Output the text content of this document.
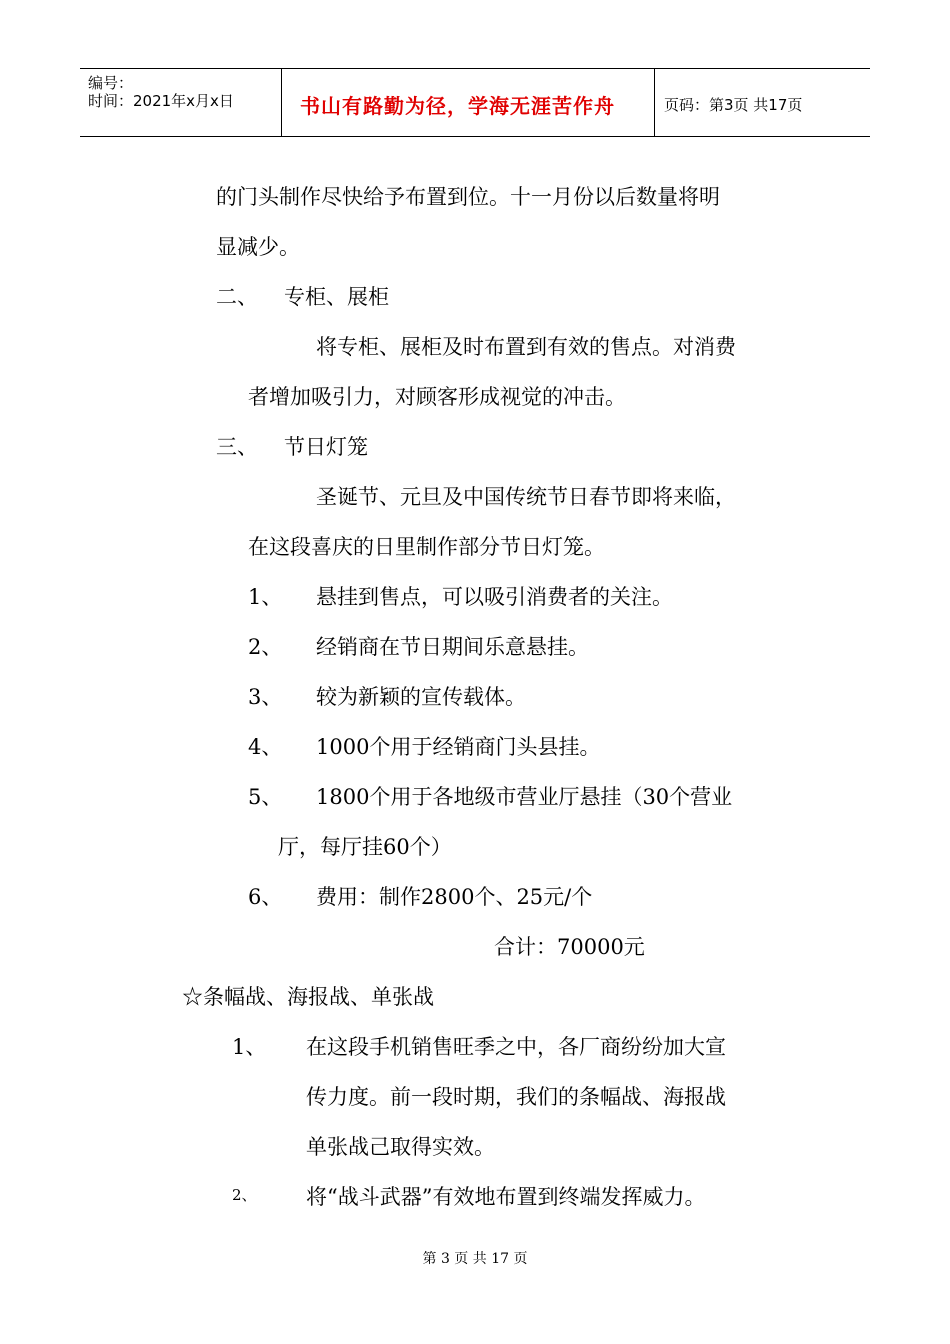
编号：
时间：2021年x月x日	书山有路勤为径，学海无涯苦作舟	页码：第3页 共17页
的门头制作尽快给予布置到位。十一月份以后数量将明
显减少。
二、 专柜、展柜
将专柜、展柜及时布置到有效的售点。对消费
者增加吸引力，对顾客形成视觉的冲击。
三、 节日灯笼
圣诞节、元旦及中国传统节日春节即将来临，
在这段喜庆的日里制作部分节日灯笼。
1、 悬挂到售点，可以吸引消费者的关注。
2、 经销商在节日期间乐意悬挂。
3、 较为新颖的宣传载体。
4、 1000个用于经销商门头县挂。
5、 1800个用于各地级市营业厅悬挂（30个营业
厅，每厅挂60个）
6、 费用：制作2800个、25元/个
合计：70000元
☆条幅战、海报战、单张战
1、 在这段手机销售旺季之中，各厂商纷纷加大宣
传力度。前一段时期，我们的条幅战、海报战
单张战己取得实效。
2、 将“战斗武器”有效地布置到终端发挥威力。
第 3 页 共 17 页
